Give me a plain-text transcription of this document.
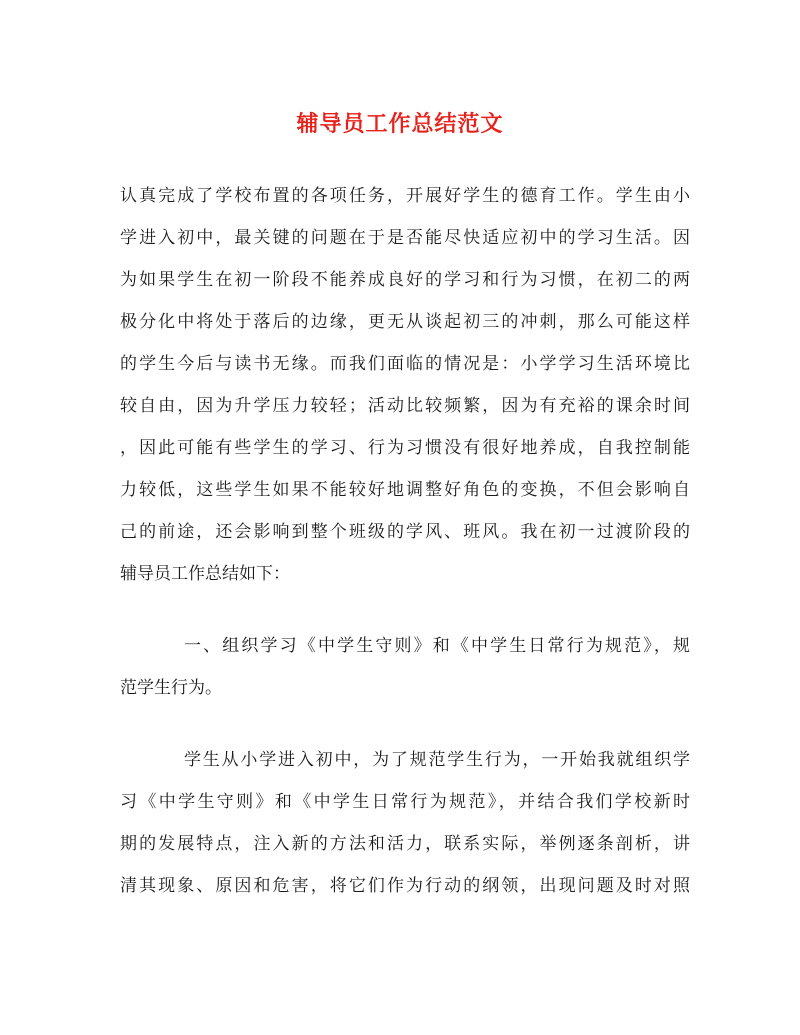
辅导员工作总结范文
认真完成了学校布置的各项任务，开展好学生的德育工作。学生由小
学进入初中，最关键的问题在于是否能尽快适应初中的学习生活。因
为如果学生在初一阶段不能养成良好的学习和行为习惯，在初二的两
极分化中将处于落后的边缘，更无从谈起初三的冲刺，那么可能这样
的学生今后与读书无缘。而我们面临的情况是：小学学习生活环境比
较自由，因为升学压力较轻；活动比较频繁，因为有充裕的课余时间
，因此可能有些学生的学习、行为习惯没有很好地养成，自我控制能
力较低，这些学生如果不能较好地调整好角色的变换，不但会影响自
己的前途，还会影响到整个班级的学风、班风。我在初一过渡阶段的
辅导员工作总结如下：
一、组织学习《中学生守则》和《中学生日常行为规范》，规
范学生行为。
学生从小学进入初中，为了规范学生行为，一开始我就组织学
习《中学生守则》和《中学生日常行为规范》，并结合我们学校新时
期的发展特点，注入新的方法和活力，联系实际，举例逐条剖析，讲
清其现象、原因和危害，将它们作为行动的纲领，出现问题及时对照
